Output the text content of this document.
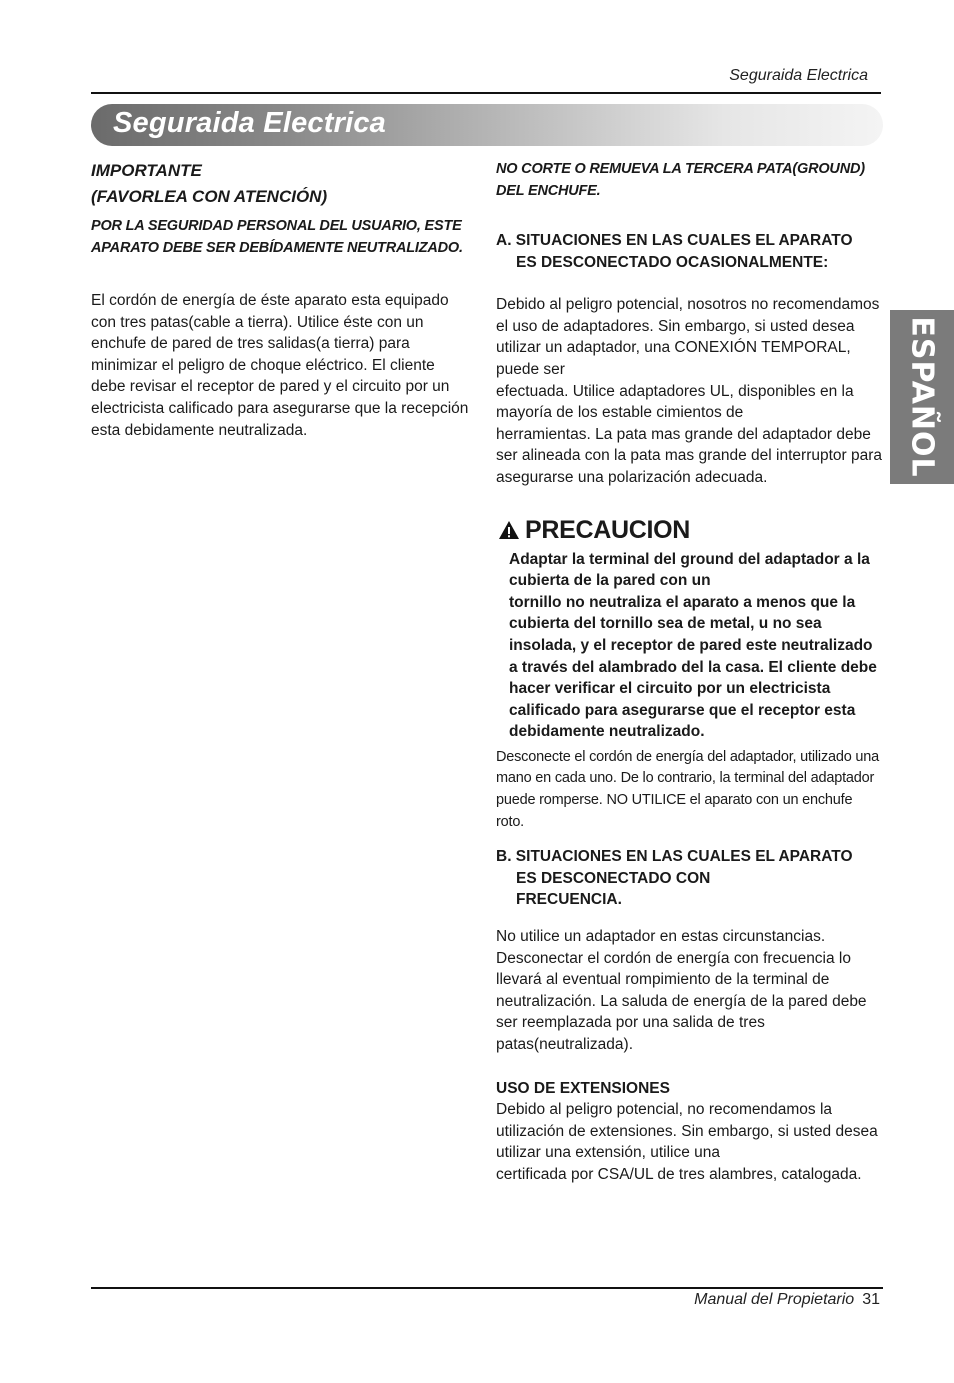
Seguraida Electrica
Seguraida Electrica
ESPAÑOL

IMPORTANTE

(FAVORLEA CON ATENCIÓN)

POR LA SEGURIDAD PERSONAL DEL USUARIO, ESTE APARATO DEBE SER DEBÍDAMENTE NEUTRALIZADO.

El cordón de energía de éste aparato esta equipado con tres patas(cable a tierra). Utilice éste con un enchufe de pared de tres salidas(a tierra) para minimizar el peligro de choque eléctrico. El cliente debe revisar el receptor de pared y el circuito por un electricista calificado para asegurarse que la recepción esta debidamente neutralizada.

NO CORTE O REMUEVA LA TERCERA PATA(GROUND) DEL ENCHUFE.

A. SITUACIONES EN LAS CUALES EL APARATO
ES DESCONECTADO OCASIONALMENTE:

Debido al peligro potencial, nosotros no recomendamos el uso de adaptadores. Sin embargo, si usted desea utilizar un adaptador, una CONEXIÓN TEMPORAL, puede ser

efectuada. Utilice adaptadores UL, disponibles en la mayoría de los estable cimientos de

herramientas. La pata mas grande del adaptador debe ser alineada con la pata mas grande del interruptor para asegurarse una polarización adecuada.

PRECAUCION

Adaptar la terminal del ground del adaptador a la cubierta de la pared con un

tornillo no neutraliza el aparato a menos que la cubierta del tornillo sea de metal, u no sea insolada, y el receptor de pared este neutralizado a través del alambrado del la casa. El cliente debe hacer verificar el circuito por un electricista calificado para asegurarse que el receptor esta debidamente neutralizado.

Desconecte el cordón de energía del adaptador, utilizado una mano en cada uno. De lo contrario, la terminal del adaptador puede romperse. NO UTILICE el aparato con un enchufe roto.

B. SITUACIONES EN LAS CUALES EL APARATO
ES DESCONECTADO CON
FRECUENCIA.

No utilice un adaptador en estas circunstancias. Desconectar el cordón de energía con frecuencia lo llevará al eventual rompimiento de la terminal de neutralización. La saluda de energía de la pared debe ser reemplazada por una salida de tres patas(neutralizada).

USO DE EXTENSIONES

Debido al peligro potencial, no recomendamos la utilización de extensiones. Sin embargo, si usted desea utilizar una extensión, utilice una

certificada por CSA/UL de tres alambres, catalogada.

Manual del Propietario 31
